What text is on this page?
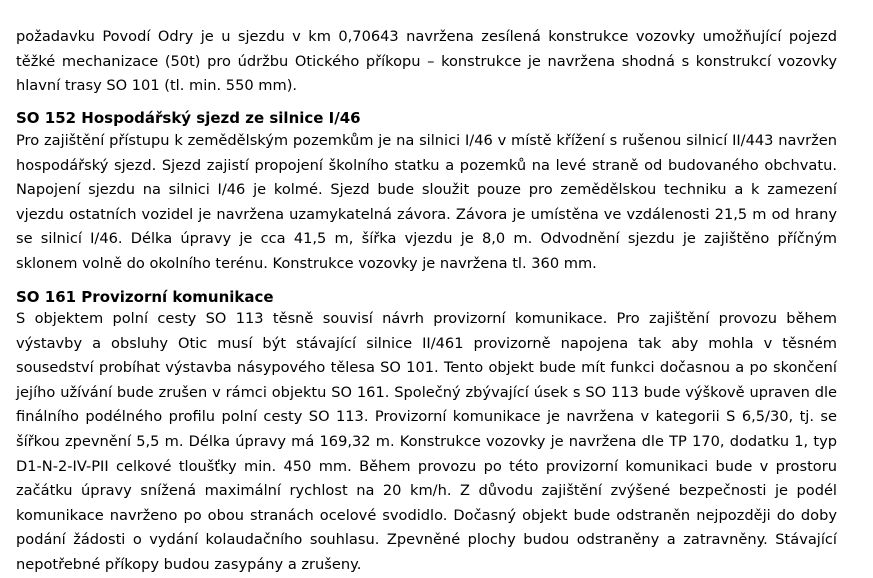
požadavku Povodí Odry je u sjezdu v km 0,70643 navržena zesílená konstrukce vozovky umožňující pojezd těžké mechanizace (50t) pro údržbu Otického příkopu – konstrukce je navržena shodná s konstrukcí vozovky hlavní trasy SO 101 (tl. min. 550 mm).

SO 152 Hospodářský sjezd ze silnice I/46

Pro zajištění přístupu k zemědělským pozemkům je na silnici I/46 v místě křížení s rušenou silnicí II/443 navržen hospodářský sjezd. Sjezd zajistí propojení školního statku a pozemků na levé straně od budovaného obchvatu. Napojení sjezdu na silnici I/46 je kolmé. Sjezd bude sloužit pouze pro zemědělskou techniku a k zamezení vjezdu ostatních vozidel je navržena uzamykatelná závora. Závora je umístěna ve vzdálenosti 21,5 m od hrany se silnicí I/46. Délka úpravy je cca 41,5 m, šířka vjezdu je 8,0 m. Odvodnění sjezdu je zajištěno příčným sklonem volně do okolního terénu. Konstrukce vozovky je navržena tl. 360 mm.

SO 161 Provizorní komunikace

S objektem polní cesty SO 113 těsně souvisí návrh provizorní komunikace. Pro zajištění provozu během výstavby a obsluhy Otic musí být stávající silnice II/461 provizorně napojena tak aby mohla v těsném sousedství probíhat výstavba násypového tělesa SO 101. Tento objekt bude mít funkci dočasnou a po skončení jejího užívání bude zrušen v rámci objektu SO 161. Společný zbývající úsek s SO 113 bude výškově upraven dle finálního podélného profilu polní cesty SO 113. Provizorní komunikace je navržena v kategorii S 6,5/30, tj. se šířkou zpevnění 5,5 m. Délka úpravy má 169,32 m. Konstrukce vozovky je navržena dle TP 170, dodatku 1, typ D1-N-2-IV-PII celkové tloušťky min. 450 mm. Během provozu po této provizorní komunikaci bude v prostoru začátku úpravy snížená maximální rychlost na 20 km/h. Z důvodu zajištění zvýšené bezpečnosti je podél komunikace navrženo po obou stranách ocelové svodidlo. Dočasný objekt bude odstraněn nejpozději do doby podání žádosti o vydání kolaudačního souhlasu. Zpevněné plochy budou odstraněny a zatravněny. Stávající nepotřebné příkopy budou zasypány a zrušeny.
